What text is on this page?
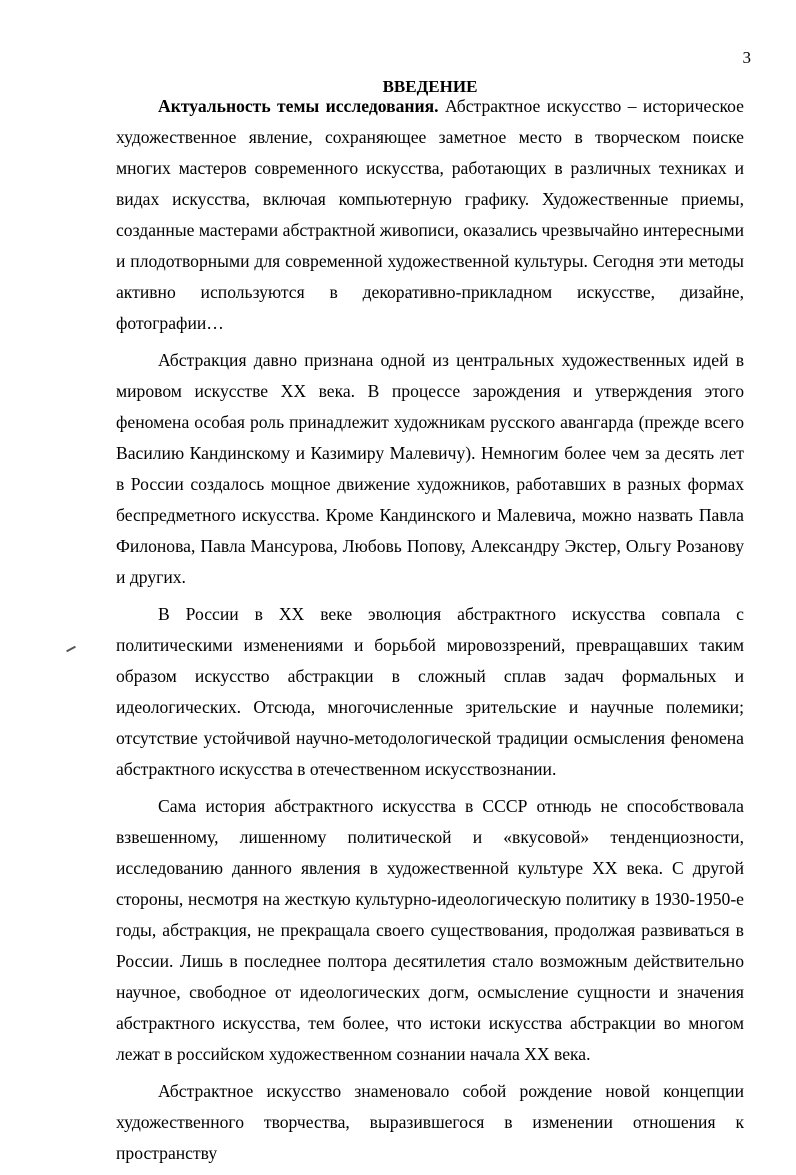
3
ВВЕДЕНИЕ

Актуальность темы исследования. Абстрактное искусство – историческое художественное явление, сохраняющее заметное место в творческом поиске многих мастеров современного искусства, работающих в различных техниках и видах искусства, включая компьютерную графику. Художественные приемы, созданные мастерами абстрактной живописи, оказались чрезвычайно интересными и плодотворными для современной художественной культуры. Сегодня эти методы активно используются в декоративно-прикладном искусстве, дизайне, фотографии…

Абстракция давно признана одной из центральных художественных идей в мировом искусстве XX века. В процессе зарождения и утверждения этого феномена особая роль принадлежит художникам русского авангарда (прежде всего Василию Кандинскому и Казимиру Малевичу). Немногим более чем за десять лет в России создалось мощное движение художников, работавших в разных формах беспредметного искусства. Кроме Кандинского и Малевича, можно назвать Павла Филонова, Павла Мансурова, Любовь Попову, Александру Экстер, Ольгу Розанову и других.

В России в XX веке эволюция абстрактного искусства совпала с политическими изменениями и борьбой мировоззрений, превращавших таким образом искусство абстракции в сложный сплав задач формальных и идеологических. Отсюда, многочисленные зрительские и научные полемики; отсутствие устойчивой научно-методологической традиции осмысления феномена абстрактного искусства в отечественном искусствознании.

Сама история абстрактного искусства в СССР отнюдь не способствовала взвешенному, лишенному политической и «вкусовой» тенденциозности, исследованию данного явления в художественной культуре XX века. С другой стороны, несмотря на жесткую культурно-идеологическую политику в 1930-1950-е годы, абстракция, не прекращала своего существования, продолжая развиваться в России. Лишь в последнее полтора десятилетия стало возможным действительно научное, свободное от идеологических догм, осмысление сущности и значения абстрактного искусства, тем более, что истоки искусства абстракции во многом лежат в российском художественном сознании начала XX века.

Абстрактное искусство знаменовало собой рождение новой концепции художественного творчества, выразившегося в изменении отношения к пространству
